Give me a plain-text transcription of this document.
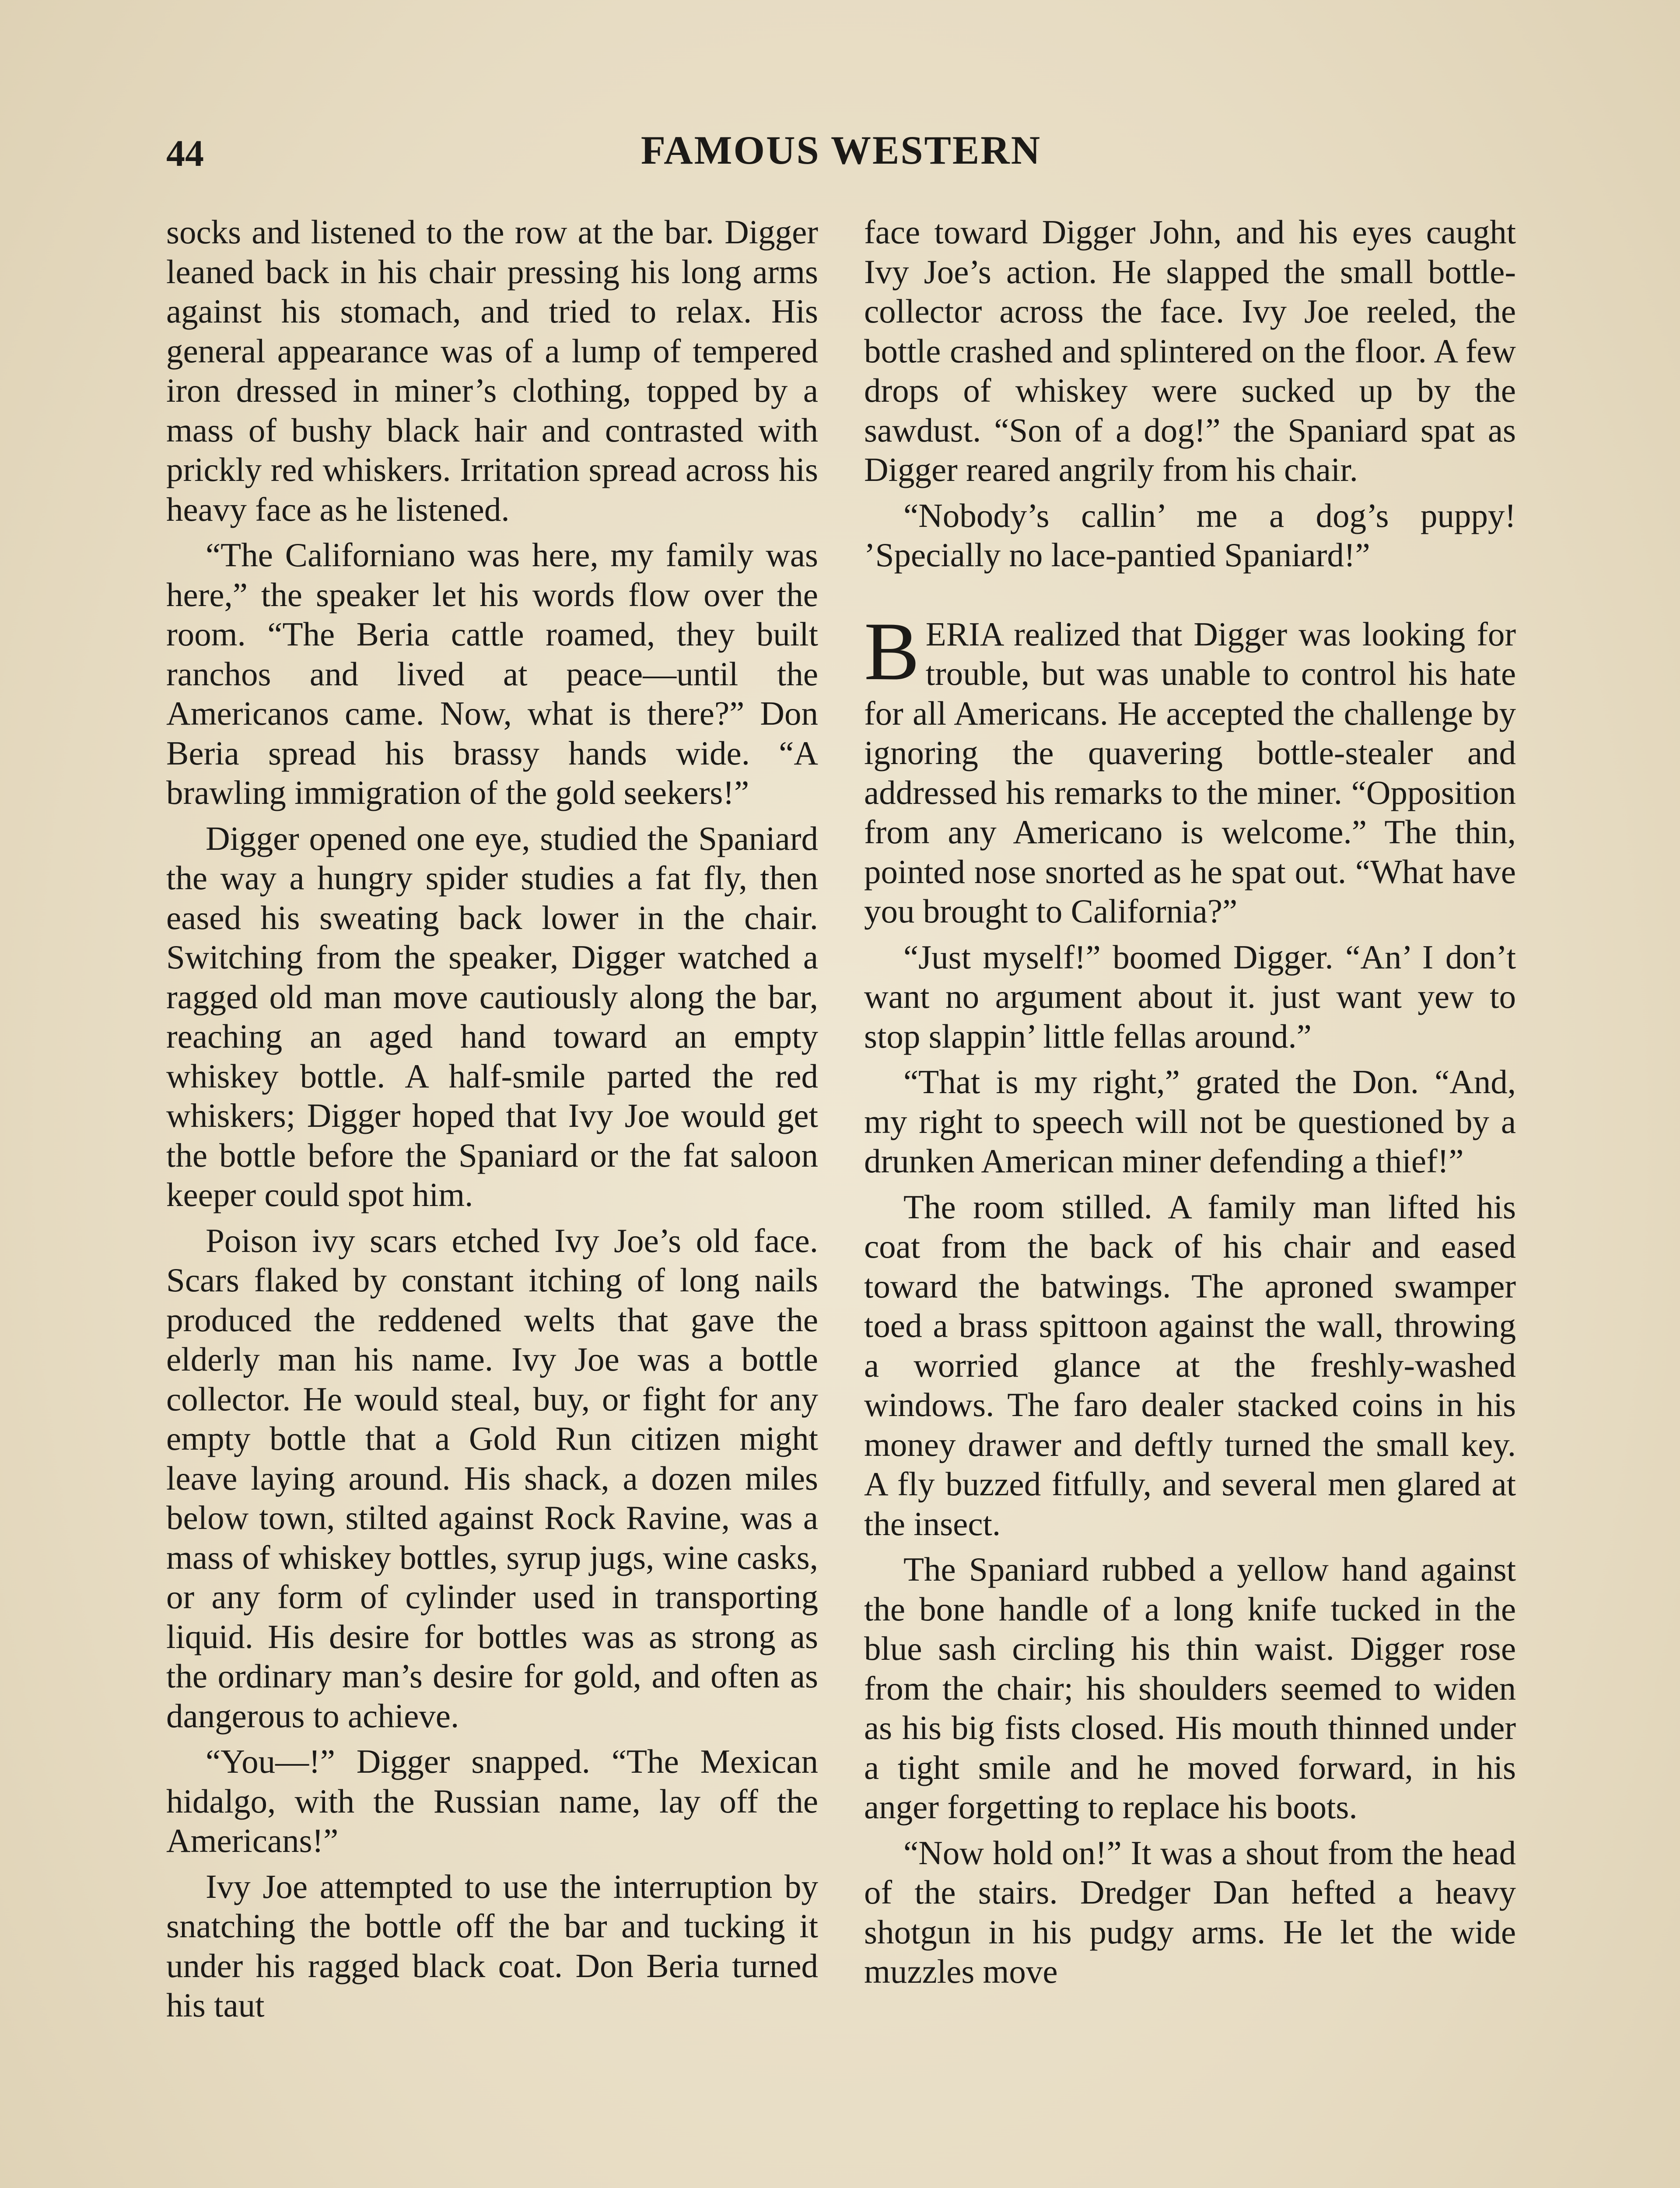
44	FAMOUS WESTERN

socks and listened to the row at the bar. Digger leaned back in his chair pressing his long arms against his stomach, and tried to relax. His general appearance was of a lump of tempered iron dressed in miner’s clothing, topped by a mass of bushy black hair and contrasted with prickly red whiskers. Irritation spread across his heavy face as he listened.

“The Californiano was here, my family was here,” the speaker let his words flow over the room. “The Beria cattle roamed, they built ranchos and lived at peace—until the Americanos came. Now, what is there?” Don Beria spread his brassy hands wide. “A brawling immigration of the gold seekers!”

Digger opened one eye, studied the Spaniard the way a hungry spider studies a fat fly, then eased his sweating back lower in the chair. Switching from the speaker, Digger watched a ragged old man move cautiously along the bar, reaching an aged hand toward an empty whiskey bottle. A half-smile parted the red whiskers; Digger hoped that Ivy Joe would get the bottle before the Spaniard or the fat saloon keeper could spot him.

Poison ivy scars etched Ivy Joe’s old face. Scars flaked by constant itching of long nails produced the reddened welts that gave the elderly man his name. Ivy Joe was a bottle collector. He would steal, buy, or fight for any empty bottle that a Gold Run citizen might leave laying around. His shack, a dozen miles below town, stilted against Rock Ravine, was a mass of whiskey bottles, syrup jugs, wine casks, or any form of cylinder used in transporting liquid. His desire for bottles was as strong as the ordinary man’s desire for gold, and often as dangerous to achieve.

“You—!” Digger snapped. “The Mexican hidalgo, with the Russian name, lay off the Americans!”

Ivy Joe attempted to use the interruption by snatching the bottle off the bar and tucking it under his ragged black coat. Don Beria turned his taut

face toward Digger John, and his eyes caught Ivy Joe’s action. He slapped the small bottle-collector across the face. Ivy Joe reeled, the bottle crashed and splintered on the floor. A few drops of whiskey were sucked up by the sawdust. “Son of a dog!” the Spaniard spat as Digger reared angrily from his chair.

“Nobody’s callin’ me a dog’s puppy! ’Specially no lace-pantied Spaniard!”

BERIA realized that Digger was looking for trouble, but was unable to control his hate for all Americans. He accepted the challenge by ignoring the quavering bottle-stealer and addressed his remarks to the miner. “Opposition from any Americano is welcome.” The thin, pointed nose snorted as he spat out. “What have you brought to California?”

“Just myself!” boomed Digger. “An’ I don’t want no argument about it. just want yew to stop slappin’ little fellas around.”

“That is my right,” grated the Don. “And, my right to speech will not be questioned by a drunken American miner defending a thief!”

The room stilled. A family man lifted his coat from the back of his chair and eased toward the batwings. The aproned swamper toed a brass spittoon against the wall, throwing a worried glance at the freshly-washed windows. The faro dealer stacked coins in his money drawer and deftly turned the small key. A fly buzzed fitfully, and several men glared at the insect.

The Spaniard rubbed a yellow hand against the bone handle of a long knife tucked in the blue sash circling his thin waist. Digger rose from the chair; his shoulders seemed to widen as his big fists closed. His mouth thinned under a tight smile and he moved forward, in his anger forgetting to replace his boots.

“Now hold on!” It was a shout from the head of the stairs. Dredger Dan hefted a heavy shotgun in his pudgy arms. He let the wide muzzles move
